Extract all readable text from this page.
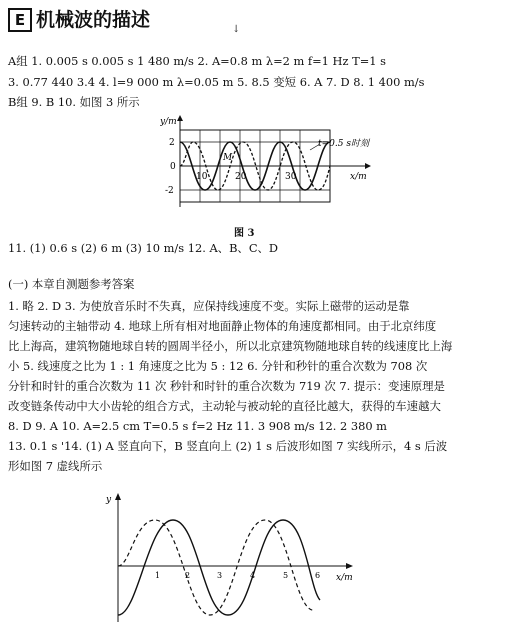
E 机械波的描述	↓
A组 1. 0.005 s 0.005 s 1 480 m/s 2. A=0.8 m λ=2 m f=1 Hz T=1 s
3. 0.77 440 3.4 4. l=9 000 m λ=0.05 m 5. 8.5 变短 6. A 7. D 8. 1 400 m/s
B组 9. B 10. 如图 3 所示
y/m
2
0
-2
10	20	30	x/m
M
t=0.5 s时刻
图 3
11. (1) 0.6 s (2) 6 m (3) 10 m/s 12. A、B、C、D
(一) 本章自测题参考答案
1. 略 2. D 3. 为使放音乐时不失真，应保持线速度不变。实际上磁带的运动是靠
匀速转动的主轴带动 4. 地球上所有相对地面静止物体的角速度都相同。由于北京纬度
比上海高，建筑物随地球自转的圆周半径小，所以北京建筑物随地球自转的线速度比上海
小 5. 线速度之比为 1 : 1 角速度之比为 5 : 12 6. 分针和秒针的重合次数为 708 次
分针和时针的重合次数为 11 次 秒针和时针的重合次数为 719 次 7. 提示：变速原理是
改变链条传动中大小齿轮的组合方式，主动轮与被动轮的直径比越大，获得的车速越大
8. D 9. A 10. A=2.5 cm T=0.5 s f=2 Hz 11. 3 908 m/s 12. 2 380 m
13. 0.1 s '14. (1) A 竖直向下，B 竖直向上 (2) 1 s 后波形如图 7 实线所示，4 s 后波
形如图 7 虚线所示
y
1	2	3	4	5	6 x/m
